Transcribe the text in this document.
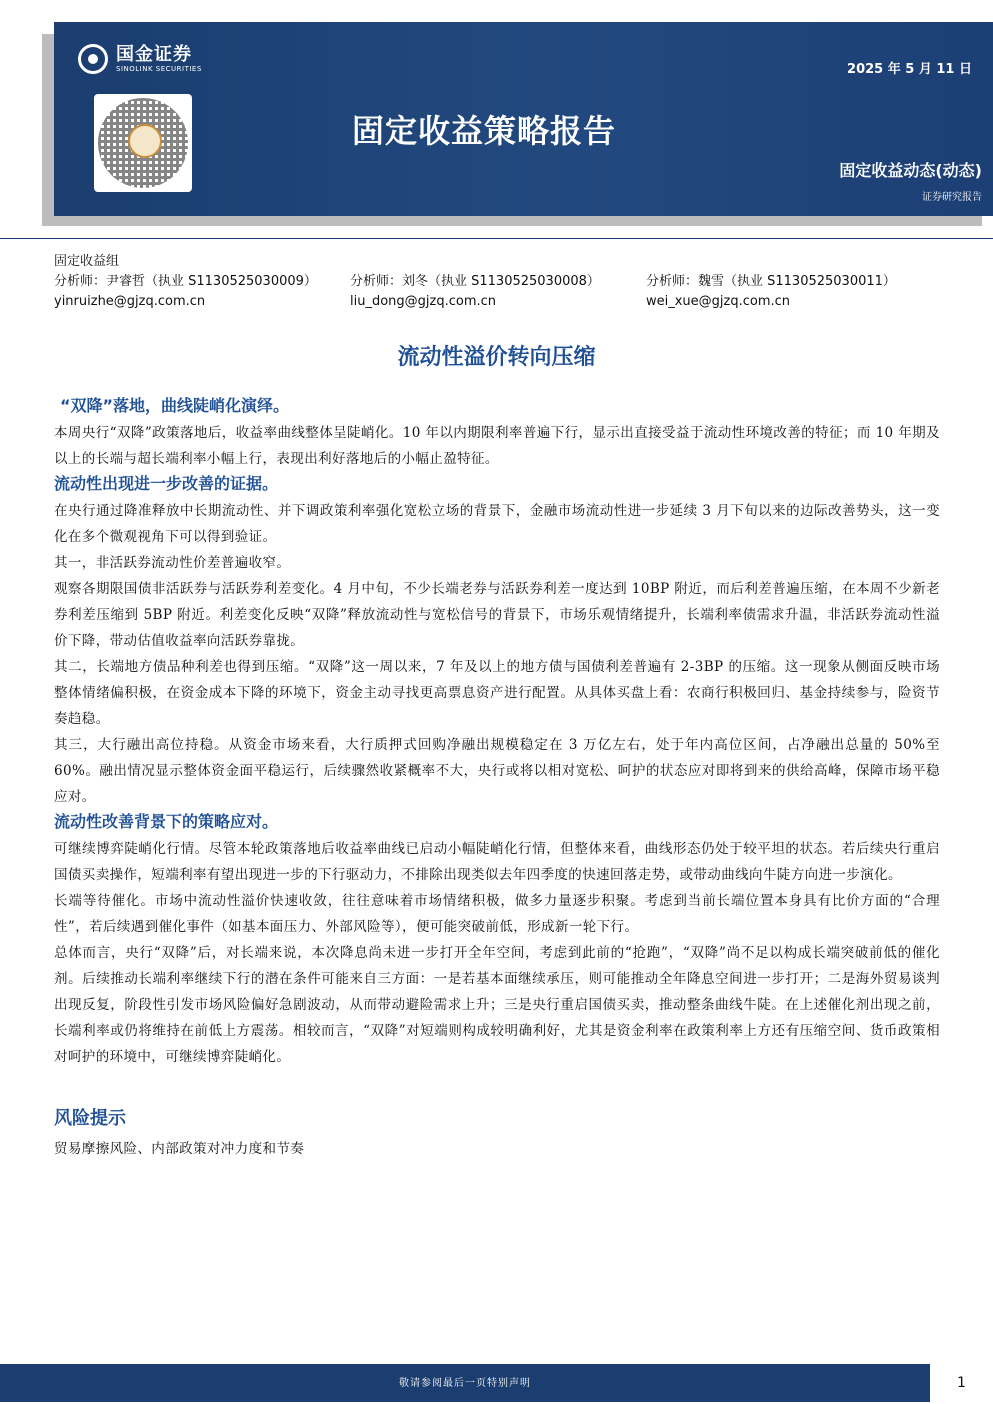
国金证券
SINOLINK SECURITIES
固定收益策略报告
2025 年 5 月 11 日
固定收益动态(动态)
证券研究报告
固定收益组
分析师：尹睿哲（执业 S1130525030009）	分析师：刘冬（执业 S1130525030008）	分析师：魏雪（执业 S1130525030011）
yinruizhe@gjzq.com.cn	liu_dong@gjzq.com.cn	wei_xue@gjzq.com.cn
流动性溢价转向压缩
“双降”落地，曲线陡峭化演绎。

本周央行“双降”政策落地后，收益率曲线整体呈陡峭化。10 年以内期限利率普遍下行，显示出直接受益于流动性环境改善的特征；而 10 年期及以上的长端与超长端利率小幅上行，表现出利好落地后的小幅止盈特征。

流动性出现进一步改善的证据。

在央行通过降准释放中长期流动性、并下调政策利率强化宽松立场的背景下，金融市场流动性进一步延续 3 月下旬以来的边际改善势头，这一变化在多个微观视角下可以得到验证。

其一，非活跃券流动性价差普遍收窄。

观察各期限国债非活跃券与活跃券利差变化。4 月中旬，不少长端老券与活跃券利差一度达到 10BP 附近，而后利差普遍压缩，在本周不少新老券利差压缩到 5BP 附近。利差变化反映“双降”释放流动性与宽松信号的背景下，市场乐观情绪提升，长端利率债需求升温，非活跃券流动性溢价下降，带动估值收益率向活跃券靠拢。

其二，长端地方债品种利差也得到压缩。“双降”这一周以来，7 年及以上的地方债与国债利差普遍有 2-3BP 的压缩。这一现象从侧面反映市场整体情绪偏积极，在资金成本下降的环境下，资金主动寻找更高票息资产进行配置。从具体买盘上看：农商行积极回归、基金持续参与，险资节奏趋稳。

其三，大行融出高位持稳。从资金市场来看，大行质押式回购净融出规模稳定在 3 万亿左右，处于年内高位区间，占净融出总量的 50%至 60%。融出情况显示整体资金面平稳运行，后续骤然收紧概率不大，央行或将以相对宽松、呵护的状态应对即将到来的供给高峰，保障市场平稳应对。

流动性改善背景下的策略应对。

可继续博弈陡峭化行情。尽管本轮政策落地后收益率曲线已启动小幅陡峭化行情，但整体来看，曲线形态仍处于较平坦的状态。若后续央行重启国债买卖操作，短端利率有望出现进一步的下行驱动力，不排除出现类似去年四季度的快速回落走势，或带动曲线向牛陡方向进一步演化。

长端等待催化。市场中流动性溢价快速收敛，往往意味着市场情绪积极，做多力量逐步积聚。考虑到当前长端位置本身具有比价方面的“合理性”，若后续遇到催化事件（如基本面压力、外部风险等），便可能突破前低，形成新一轮下行。

总体而言，央行“双降”后，对长端来说，本次降息尚未进一步打开全年空间，考虑到此前的“抢跑”，“双降”尚不足以构成长端突破前低的催化剂。后续推动长端利率继续下行的潜在条件可能来自三方面：一是若基本面继续承压，则可能推动全年降息空间进一步打开；二是海外贸易谈判出现反复，阶段性引发市场风险偏好急剧波动，从而带动避险需求上升；三是央行重启国债买卖，推动整条曲线牛陡。在上述催化剂出现之前，长端利率或仍将维持在前低上方震荡。相较而言，“双降”对短端则构成较明确利好，尤其是资金利率在政策利率上方还有压缩空间、货币政策相对呵护的环境中，可继续博弈陡峭化。

风险提示

贸易摩擦风险、内部政策对冲力度和节奏

敬请参阅最后一页特别声明	1
